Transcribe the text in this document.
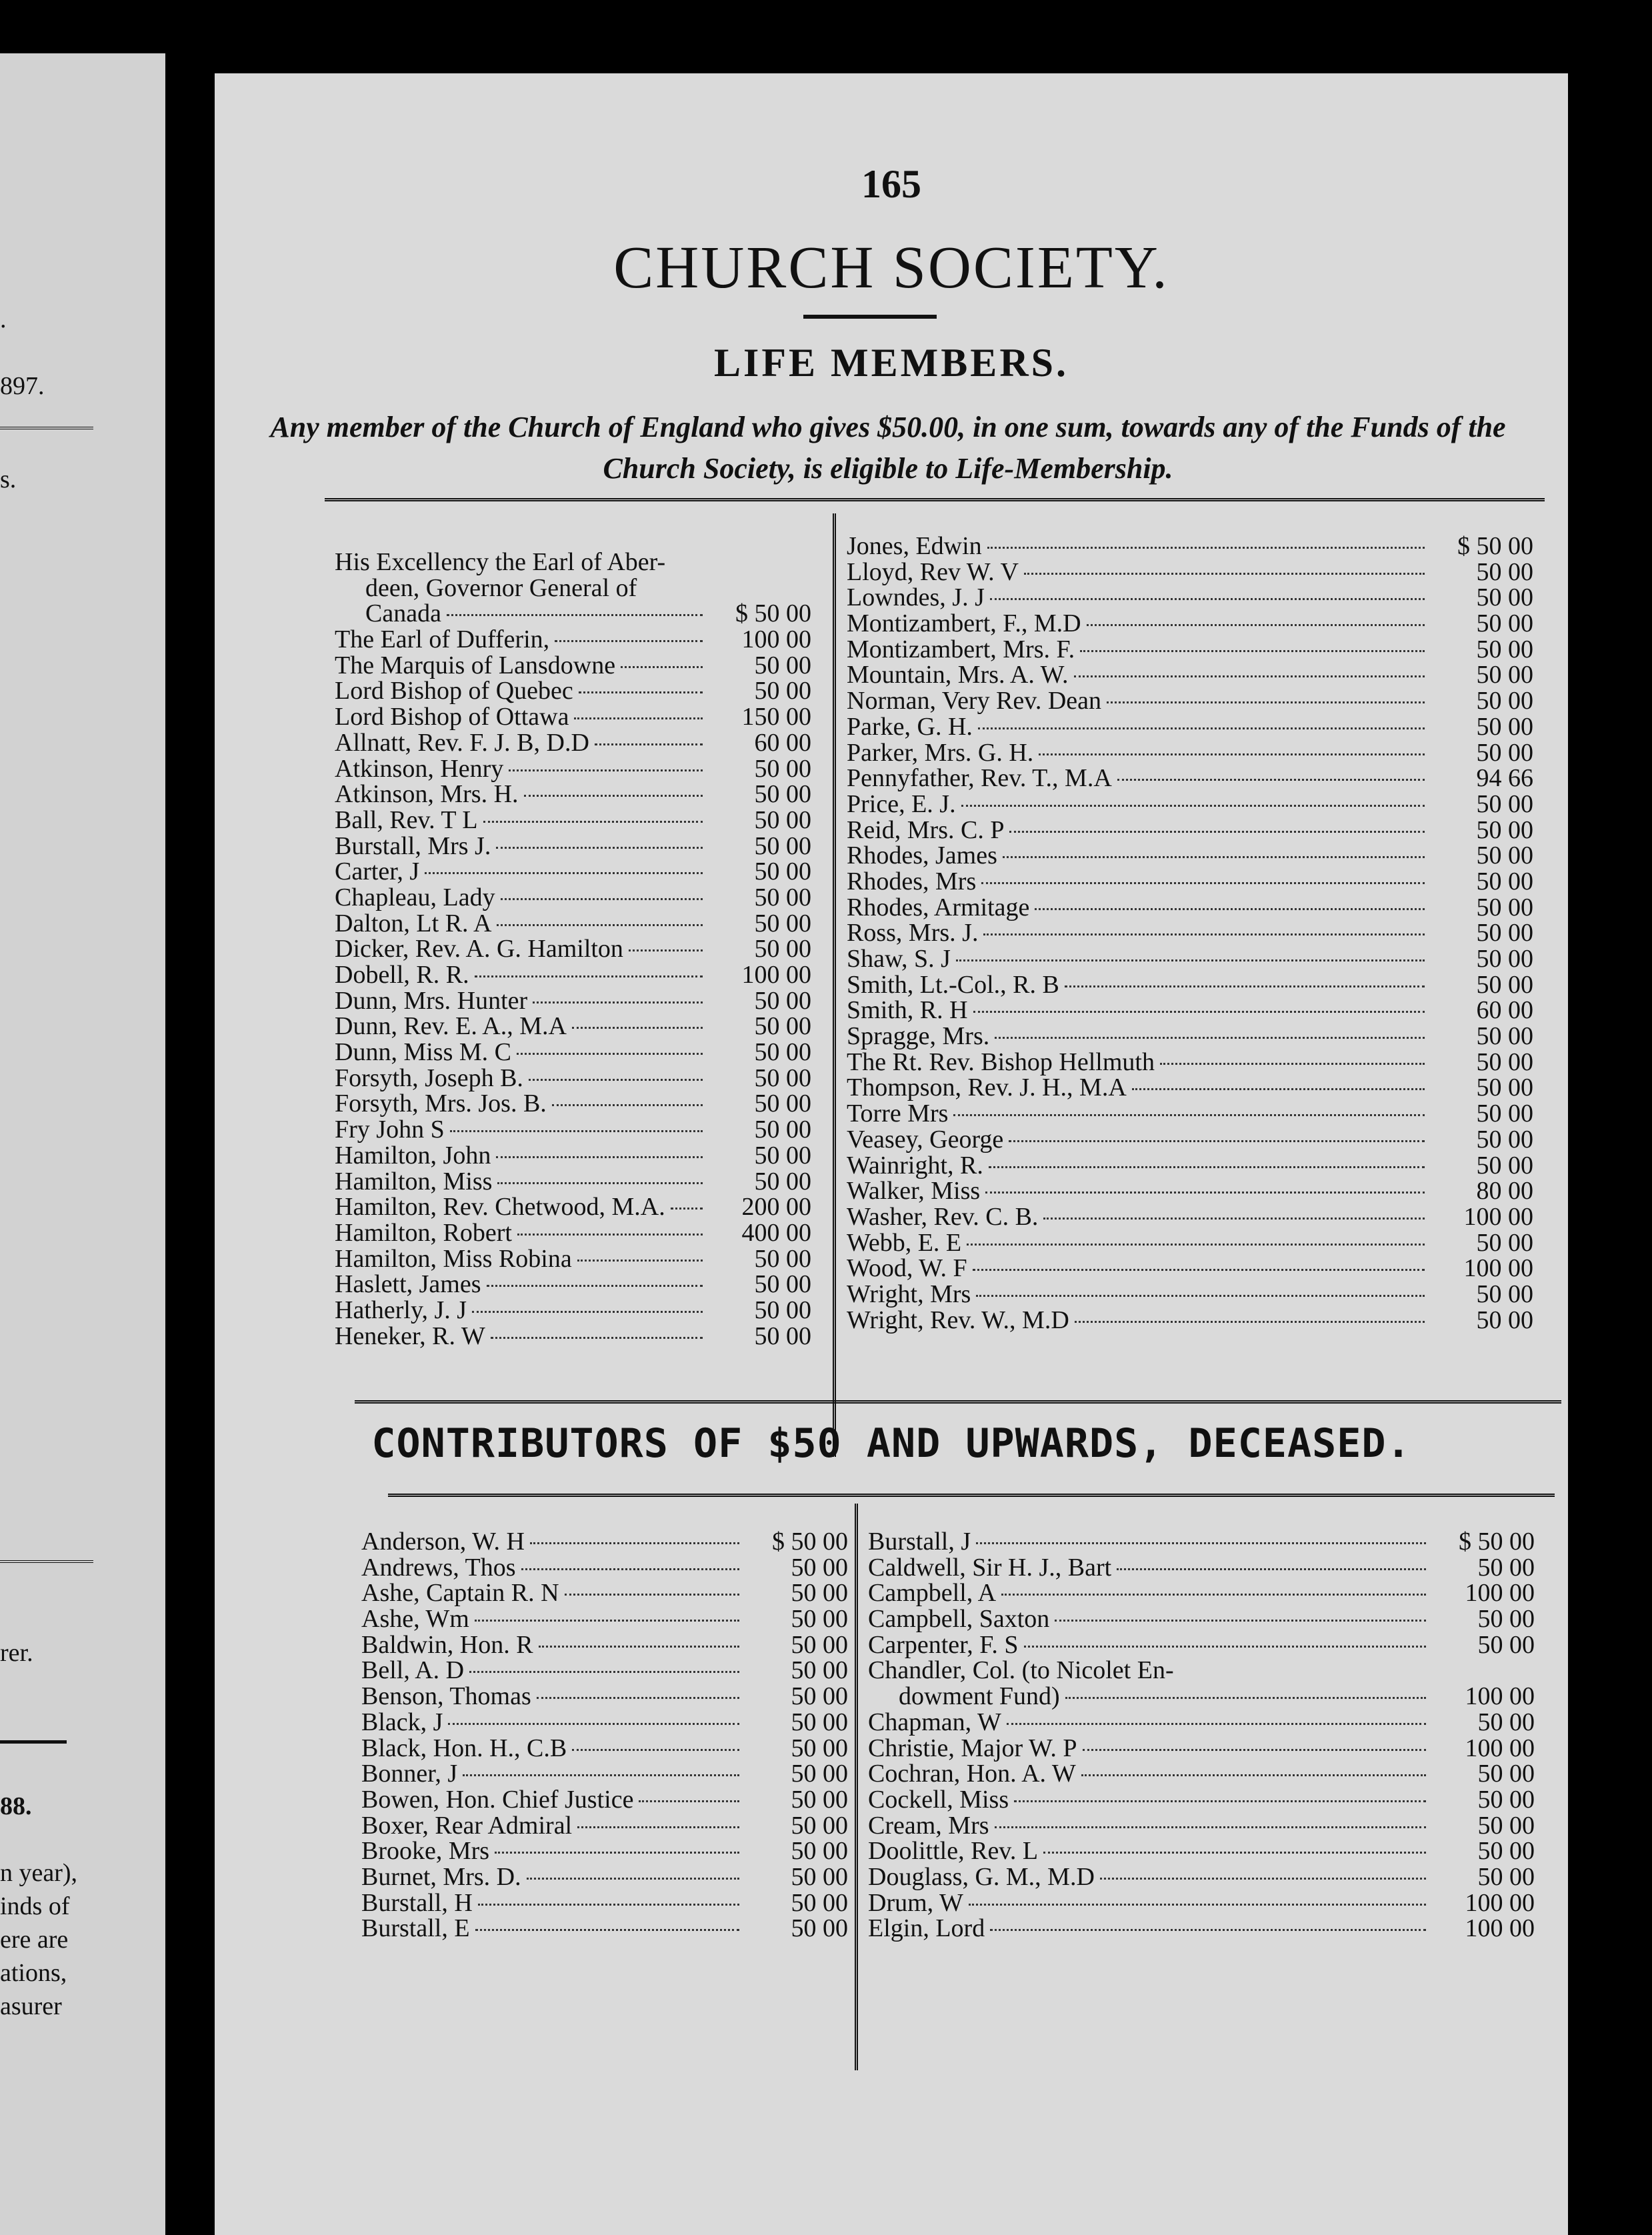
.
897.
s.
rer.
88.
n year),
inds of
ere are
ations,
asurer
165
CHURCH SOCIETY.
LIFE MEMBERS.
Any member of the Church of England who gives $50.00, in one sum, towards any of the Funds of the Church Society, is eligible to Life-Membership.
His Excellency the Earl of Aber-
deen, Governor General of
Canada	$ 50 00
The Earl of Dufferin,	100 00
The Marquis of Lansdowne	50 00
Lord Bishop of Quebec	50 00
Lord Bishop of Ottawa	150 00
Allnatt, Rev. F. J. B, D.D	60 00
Atkinson, Henry	50 00
Atkinson, Mrs. H.	50 00
Ball, Rev. T L	50 00
Burstall, Mrs J.	50 00
Carter, J	50 00
Chapleau, Lady	50 00
Dalton, Lt R. A	50 00
Dicker, Rev. A. G. Hamilton	50 00
Dobell, R. R.	100 00
Dunn, Mrs. Hunter	50 00
Dunn, Rev. E. A., M.A	50 00
Dunn, Miss M. C	50 00
Forsyth, Joseph B.	50 00
Forsyth, Mrs. Jos. B.	50 00
Fry John S	50 00
Hamilton, John	50 00
Hamilton, Miss	50 00
Hamilton, Rev. Chetwood, M.A.	200 00
Hamilton, Robert	400 00
Hamilton, Miss Robina	50 00
Haslett, James	50 00
Hatherly, J. J	50 00
Heneker, R. W	50 00
Jones, Edwin	$ 50 00
Lloyd, Rev W. V	50 00
Lowndes, J. J	50 00
Montizambert, F., M.D	50 00
Montizambert, Mrs. F.	50 00
Mountain, Mrs. A. W.	50 00
Norman, Very Rev. Dean	50 00
Parke, G. H.	50 00
Parker, Mrs. G. H.	50 00
Pennyfather, Rev. T., M.A	94 66
Price, E. J.	50 00
Reid, Mrs. C. P	50 00
Rhodes, James	50 00
Rhodes, Mrs	50 00
Rhodes, Armitage	50 00
Ross, Mrs. J.	50 00
Shaw, S. J	50 00
Smith, Lt.-Col., R. B	50 00
Smith, R. H	60 00
Spragge, Mrs.	50 00
The Rt. Rev. Bishop Hellmuth	50 00
Thompson, Rev. J. H., M.A	50 00
Torre Mrs	50 00
Veasey, George	50 00
Wainright, R.	50 00
Walker, Miss	80 00
Washer, Rev. C. B.	100 00
Webb, E. E	50 00
Wood, W. F	100 00
Wright, Mrs	50 00
Wright, Rev. W., M.D	50 00
CONTRIBUTORS OF $50 AND UPWARDS, DECEASED.
Anderson, W. H	$ 50 00
Andrews, Thos	50 00
Ashe, Captain R. N	50 00
Ashe, Wm	50 00
Baldwin, Hon. R	50 00
Bell, A. D	50 00
Benson, Thomas	50 00
Black, J	50 00
Black, Hon. H., C.B	50 00
Bonner, J	50 00
Bowen, Hon. Chief Justice	50 00
Boxer, Rear Admiral	50 00
Brooke, Mrs	50 00
Burnet, Mrs. D.	50 00
Burstall, H	50 00
Burstall, E	50 00
Burstall, J	$ 50 00
Caldwell, Sir H. J., Bart	50 00
Campbell, A	100 00
Campbell, Saxton	50 00
Carpenter, F. S	50 00
Chandler, Col. (to Nicolet En-
dowment Fund)	100 00
Chapman, W	50 00
Christie, Major W. P	100 00
Cochran, Hon. A. W	50 00
Cockell, Miss	50 00
Cream, Mrs	50 00
Doolittle, Rev. L	50 00
Douglass, G. M., M.D	50 00
Drum, W	100 00
Elgin, Lord	100 00
